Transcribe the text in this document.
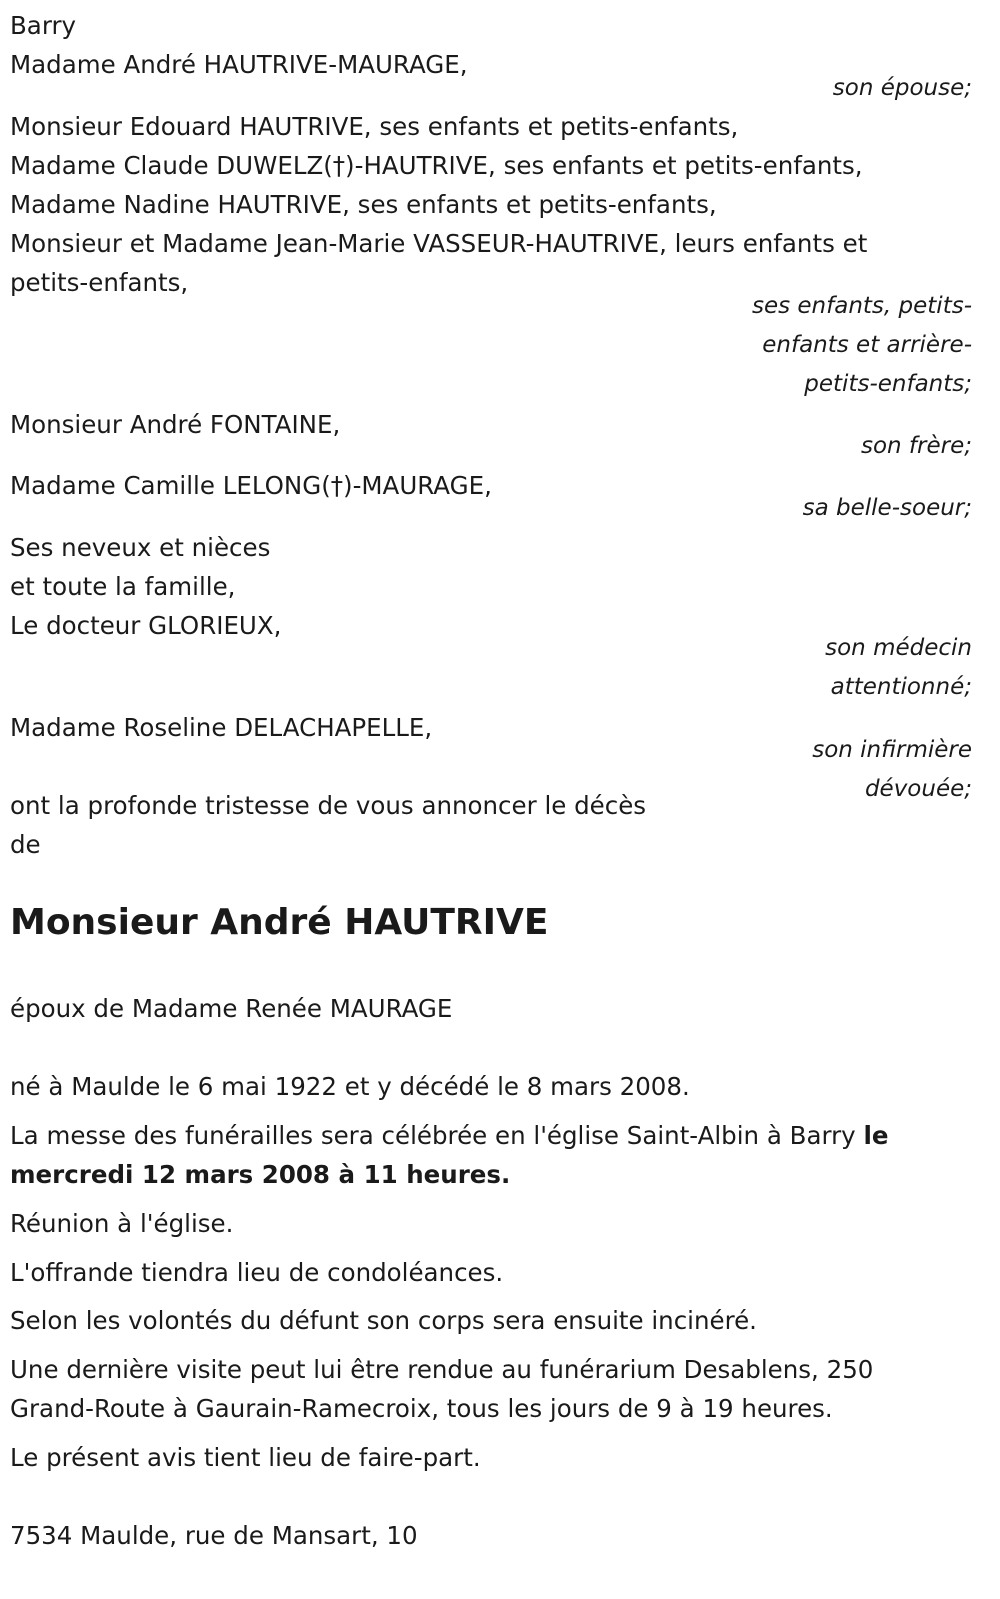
Barry

Madame André HAUTRIVE-MAURAGE,

son épouse;

Monsieur Edouard HAUTRIVE, ses enfants et petits-enfants,
Madame Claude DUWELZ(†)-HAUTRIVE, ses enfants et petits-enfants,
Madame Nadine HAUTRIVE, ses enfants et petits-enfants,
Monsieur et Madame Jean-Marie VASSEUR-HAUTRIVE, leurs enfants et
petits-enfants,
ses enfants, petits-
enfants et arrière-
petits-enfants;

Monsieur André FONTAINE,

son frère;

Madame Camille LELONG(†)-MAURAGE,

sa belle-soeur;

Ses neveux et nièces
et toute la famille,
Le docteur GLORIEUX,
son médecin
attentionné;

Madame Roseline DELACHAPELLE,

son infirmière
dévouée;
ont la profonde tristesse de vous annoncer le décès
de
Monsieur André HAUTRIVE

époux de Madame Renée MAURAGE

né à Maulde le 6 mai 1922 et y décédé le 8 mars 2008.

La messe des funérailles sera célébrée en l'église Saint-Albin à Barry le mercredi 12 mars 2008 à 11 heures.

Réunion à l'église.

L'offrande tiendra lieu de condoléances.

Selon les volontés du défunt son corps sera ensuite incinéré.

Une dernière visite peut lui être rendue au funérarium Desablens, 250 Grand-Route à Gaurain-Ramecroix, tous les jours de 9 à 19 heures.

Le présent avis tient lieu de faire-part.

7534 Maulde, rue de Mansart, 10
